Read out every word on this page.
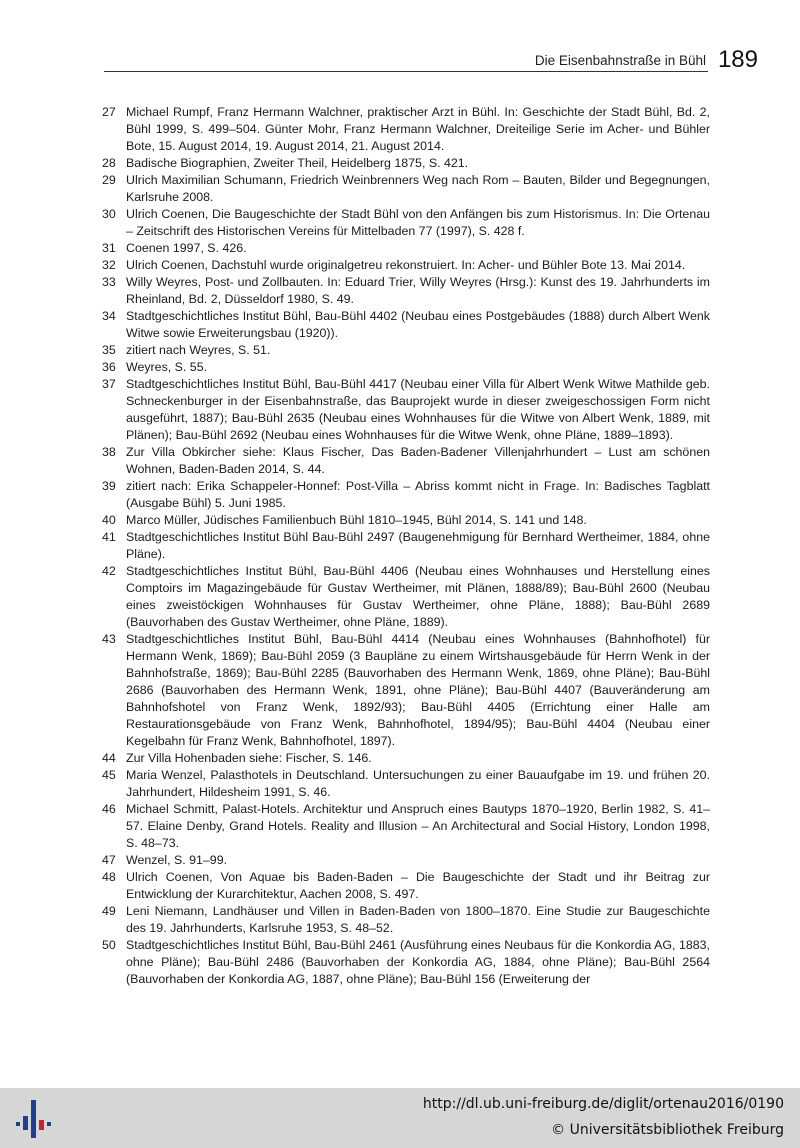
Die Eisenbahnstraße in Bühl 189
27 Michael Rumpf, Franz Hermann Walchner, praktischer Arzt in Bühl. In: Geschichte der Stadt Bühl, Bd. 2, Bühl 1999, S. 499–504. Günter Mohr, Franz Hermann Walchner, Dreiteilige Serie im Acher- und Bühler Bote, 15. August 2014, 19. August 2014, 21. August 2014.
28 Badische Biographien, Zweiter Theil, Heidelberg 1875, S. 421.
29 Ulrich Maximilian Schumann, Friedrich Weinbrenners Weg nach Rom – Bauten, Bilder und Begegnungen, Karlsruhe 2008.
30 Ulrich Coenen, Die Baugeschichte der Stadt Bühl von den Anfängen bis zum Historismus. In: Die Ortenau – Zeitschrift des Historischen Vereins für Mittelbaden 77 (1997), S. 428 f.
31 Coenen 1997, S. 426.
32 Ulrich Coenen, Dachstuhl wurde originalgetreu rekonstruiert. In: Acher- und Bühler Bote 13. Mai 2014.
33 Willy Weyres, Post- und Zollbauten. In: Eduard Trier, Willy Weyres (Hrsg.): Kunst des 19. Jahrhunderts im Rheinland, Bd. 2, Düsseldorf 1980, S. 49.
34 Stadtgeschichtliches Institut Bühl, Bau-Bühl 4402 (Neubau eines Postgebäudes (1888) durch Albert Wenk Witwe sowie Erweiterungsbau (1920)).
35 zitiert nach Weyres, S. 51.
36 Weyres, S. 55.
37 Stadtgeschichtliches Institut Bühl, Bau-Bühl 4417 (Neubau einer Villa für Albert Wenk Witwe Mathilde geb. Schneckenburger in der Eisenbahnstraße, das Bauprojekt wurde in dieser zweigeschossigen Form nicht ausgeführt, 1887); Bau-Bühl 2635 (Neubau eines Wohnhauses für die Witwe von Albert Wenk, 1889, mit Plänen); Bau-Bühl 2692 (Neubau eines Wohnhauses für die Witwe Wenk, ohne Pläne, 1889–1893).
38 Zur Villa Obkircher siehe: Klaus Fischer, Das Baden-Badener Villenjahrhundert – Lust am schönen Wohnen, Baden-Baden 2014, S. 44.
39 zitiert nach: Erika Schappeler-Honnef: Post-Villa – Abriss kommt nicht in Frage. In: Badisches Tagblatt (Ausgabe Bühl) 5. Juni 1985.
40 Marco Müller, Jüdisches Familienbuch Bühl 1810–1945, Bühl 2014, S. 141 und 148.
41 Stadtgeschichtliches Institut Bühl Bau-Bühl 2497 (Baugenehmigung für Bernhard Wertheimer, 1884, ohne Pläne).
42 Stadtgeschichtliches Institut Bühl, Bau-Bühl 4406 (Neubau eines Wohnhauses und Herstellung eines Comptoirs im Magazingebäude für Gustav Wertheimer, mit Plänen, 1888/89); Bau-Bühl 2600 (Neubau eines zweistöckigen Wohnhauses für Gustav Wertheimer, ohne Pläne, 1888); Bau-Bühl 2689 (Bauvorhaben des Gustav Wertheimer, ohne Pläne, 1889).
43 Stadtgeschichtliches Institut Bühl, Bau-Bühl 4414 (Neubau eines Wohnhauses (Bahnhofhotel) für Hermann Wenk, 1869); Bau-Bühl 2059 (3 Baupläne zu einem Wirtshausgebäude für Herrn Wenk in der Bahnhofstraße, 1869); Bau-Bühl 2285 (Bauvorhaben des Hermann Wenk, 1869, ohne Pläne); Bau-Bühl 2686 (Bauvorhaben des Hermann Wenk, 1891, ohne Pläne); Bau-Bühl 4407 (Bauveränderung am Bahnhofshotel von Franz Wenk, 1892/93); Bau-Bühl 4405 (Errichtung einer Halle am Restaurationsgebäude von Franz Wenk, Bahnhofhotel, 1894/95); Bau-Bühl 4404 (Neubau einer Kegelbahn für Franz Wenk, Bahnhofhotel, 1897).
44 Zur Villa Hohenbaden siehe: Fischer, S. 146.
45 Maria Wenzel, Palasthotels in Deutschland. Untersuchungen zu einer Bauaufgabe im 19. und frühen 20. Jahrhundert, Hildesheim 1991, S. 46.
46 Michael Schmitt, Palast-Hotels. Architektur und Anspruch eines Bautyps 1870–1920, Berlin 1982, S. 41–57. Elaine Denby, Grand Hotels. Reality and Illusion – An Architectural and Social History, London 1998, S. 48–73.
47 Wenzel, S. 91–99.
48 Ulrich Coenen, Von Aquae bis Baden-Baden – Die Baugeschichte der Stadt und ihr Beitrag zur Entwicklung der Kurarchitektur, Aachen 2008, S. 497.
49 Leni Niemann, Landhäuser und Villen in Baden-Baden von 1800–1870. Eine Studie zur Baugeschichte des 19. Jahrhunderts, Karlsruhe 1953, S. 48–52.
50 Stadtgeschichtliches Institut Bühl, Bau-Bühl 2461 (Ausführung eines Neubaus für die Konkordia AG, 1883, ohne Pläne); Bau-Bühl 2486 (Bauvorhaben der Konkordia AG, 1884, ohne Pläne); Bau-Bühl 2564 (Bauvorhaben der Konkordia AG, 1887, ohne Pläne); Bau-Bühl 156 (Erweiterung der
http://dl.ub.uni-freiburg.de/diglit/ortenau2016/0190
© Universitätsbibliothek Freiburg
